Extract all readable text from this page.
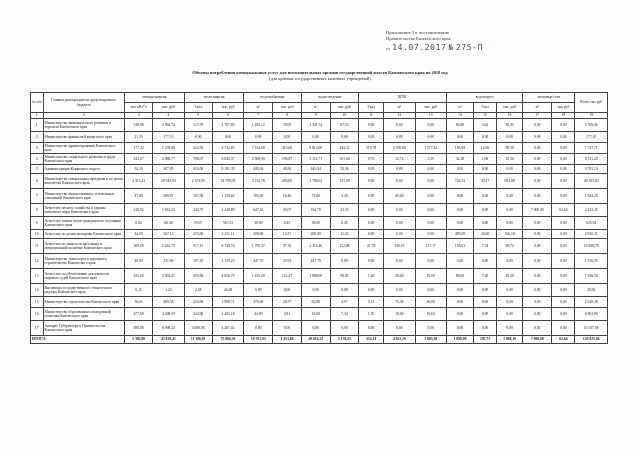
Приложение 3 к постановлению
Правительства Камчатского края
от 14.07.2017 № 275-П
Объемы потребления коммунальных услуг для исполнительных органов государственной власти Камчатского края на 2018 год
(для краевых государственных казенных учреждений)
№ п/п	Главные распорядители средств краевого бюджета	электроэнергия		теплоэнергия		водоснабжение		водоотведение		ЦГВС			водоподвоз			тепловые/сети		Всего тыс.руб
		тыс.кВт*ч	тыс. руб	Гкал	тыс. руб	м³	тыс. руб	м³	тыс. руб	Гкал	м³	тыс. руб	м³	Гкал	тыс. руб	м³	тыс.руб	
1	2	3	4	5	6	7	8	9	10	11	12	13	14	15	16	17	18	19
1	Министерство экономического развития и торговли Камчатского края	318,90	2 864,72	315,79	2 707,85	1 203,12	70,95	1 341,52	87,54	0,00	0,00	0,00	82,88	3,62	38,45	0,00	0,00	5 769,46
2	Министерство финансов Камчатского края	21,35	177,10	0,00	0,00	0,00	0,00	0,00	0,00	0,00	0,00	0,00	0,00	0,00	0,00	0,00	0,00	177,10
3	Министерство здравоохранения Камчатского края	177,32	1 478,86	322,95	3 732,65	7 314,00	413,68	9 814,00	444,32	219,78	3 700,00	1 577,42	185,99	12,66	98,38	0,00	0,00	7 747,71
4	Министерство социального развития и труда Камчатского края	242,67	2 088,77	708,07	6 043,37	2 069,90	196,87	3 112,71	161,04	0,76	12,74	5,39	32,38	1,96	25,36	0,00	0,00	8 511,20
5	Администрация Корякского округа	54,20	387,85	924,00	9 181,39	445,34	40,84	445,94	53,36	0,00	0,00	0,00	0,00	0,00	0,00	0,00	0,00	9 703,24
6	Министерство специальных программ и по делам казачества Камчатского края	2 315,43	20 545,04	2 553,93	24 709,93	3 212,78	203,09	1 786,92	131,09	0,00	0,00	0,00	722,52	49,17	603,89	0,00	0,00	46 105,84
7	Министерство имущественных и земельных отношений Камчатского края	47,00	389,87	107,00	1 138,62	185,00	10,46	73,00	3,30	0,00	65,00	0,00	0,00	0,00	0,00	0,00	0,00	1 542,25
8	Агентство лесного хозяйства и охраны животного мира Камчатского края	218,92	1 861,33	243,57	2 440,89	647,33	43,07	164,70	23,55	0,00	0,00	0,00	0,00	0,00	0,00	7 000,00	63,64	4 433,45
9	Агентство записи актов гражданского состояния Камчатского края	6,82	66,36	59,97	567,53	38,00	0,45	38,00	0,45	0,00	0,00	0,00	0,00	0,00	0,00	0,00	0,00	625,94
10	Агентство по делам молодежи Камчатского края	44,00	367,13	215,00	2 251,11	200,00	12,57	200,00	12,52	0,00	0,00	0,00	485,00	26,00	166,18	0,00	0,00	2 830,31
11	Агентство по занятости населения и миграционной политике Камчатского края	269,00	2 261,79	917,15	8 139,76	1 795,37	97,36	2 114,46	112,88	21,79	140,15	157,17	158,61	7,34	69,72	0,00	0,00	10 838,78
12	Министерство транспорта и дорожного строительства Камчатского края	40,00	331,00	107,10	1 139,25	447,79	33,92	447,79	0,00	0,00	0,00	0,00	0,00	0,00	0,00	0,00	0,00	1 516,35
13	Агентство по обеспечению деятельности мировых судей Камчатского края	235,00	2 002,21	650,68	4 856,79	1 455,00	122,27	1 888,00	90,82	1,20	20,00	10,69	89,60	7,00	49,38	0,00	0,00	7 196,56
14	Инспекция государственного технического надзора Камчатского края	0,15	1,24	2,58	24,68	0,00	0,00	0,00	0,00	0,00	0,00	0,00	0,00	0,00	0,00	0,00	0,00	25,92
15	Министерство строительства Камчатского края	56,61	469,58	322,68	1 998,71	370,00	20,97	65,88	2,97	5,11	75,36	36,09	0,00	0,00	0,00	0,00	0,00	2 528,38
16	Министерство образования и молодежной политики Камчатского края	477,00	4 408,50	242,00	2 403,18	44,00	4,81	43,00	7,34	1,50	19,00	16,63	0,00	0,00	0,00	0,00	0,00	6 902,86
17	Аппарат Губернатора и Правительства Камчатского края	850,00	6 098,23	3 000,00	4 267,41	0,00	0,00	0,00	0,00	0,00	0,00	0,00	0,00	0,00	0,00	0,00	0,00	10 357,06
ИТОГО:		5 385,80	45 819,41	11 186,91	75 866,36	10 761,93	1 253,84	20 814,52	1 158,25	252,14	4 052,25	1 803,39	1 699,99	107,73	1 068,16	7 000,00	63,64	126 925,04
